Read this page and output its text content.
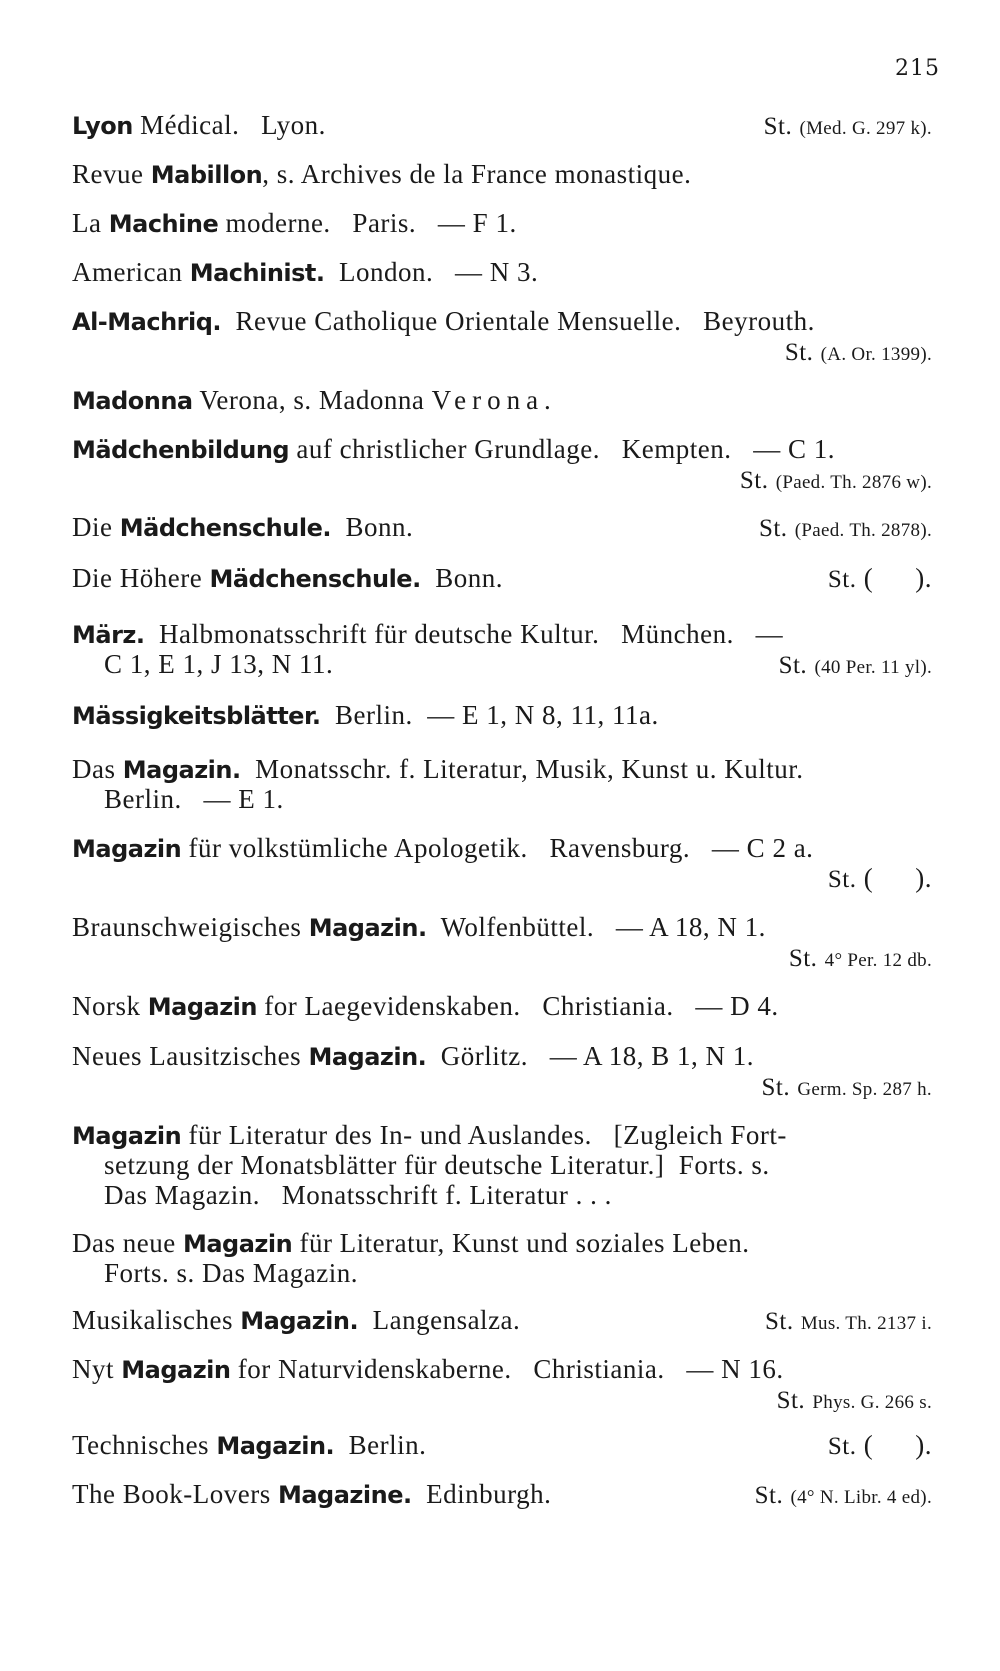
215
Lyon Médical.   Lyon.	St. (Med. G. 297 k).
Revue Mabillon, s. Archives de la France monastique.
La Machine moderne.   Paris.   — F 1.
American Machinist.  London.   — N 3.
Al-Machriq.  Revue Catholique Orientale Mensuelle.   Beyrouth.
St. (A. Or. 1399).
Madonna Verona, s. Madonna Verona.
Mädchenbildung auf christlicher Grundlage.   Kempten.   — C 1.
St. (Paed. Th. 2876 w).
Die Mädchenschule.  Bonn.	St. (Paed. Th. 2878).
Die Höhere Mädchenschule.  Bonn.	St. ( ).
März.  Halbmonatsschrift für deutsche Kultur.   München.   —
C 1, E 1, J 13, N 11.	St. (40 Per. 11 yl).
Mässigkeitsblätter.  Berlin.  — E 1, N 8, 11, 11a.
Das Magazin.  Monatsschr. f. Literatur, Musik, Kunst u. Kultur.
Berlin.   — E 1.
Magazin für volkstümliche Apologetik.   Ravensburg.   — C 2 a.
St. ( ).
Braunschweigisches Magazin.  Wolfenbüttel.   — A 18, N 1.
St. 4° Per. 12 db.
Norsk Magazin for Laegevidenskaben.   Christiania.   — D 4.
Neues Lausitzisches Magazin.  Görlitz.   — A 18, B 1, N 1.
St. Germ. Sp. 287 h.
Magazin für Literatur des In- und Auslandes.   [Zugleich Fort-
setzung der Monatsblätter für deutsche Literatur.]  Forts. s.
Das Magazin.   Monatsschrift f. Literatur . . .
Das neue Magazin für Literatur, Kunst und soziales Leben.
Forts. s. Das Magazin.
Musikalisches Magazin.  Langensalza.	St. Mus. Th. 2137 i.
Nyt Magazin for Naturvidenskaberne.   Christiania.   — N 16.
St. Phys. G. 266 s.
Technisches Magazin.  Berlin.	St. ( ).
The Book-Lovers Magazine.  Edinburgh.	St. (4° N. Libr. 4 ed).
